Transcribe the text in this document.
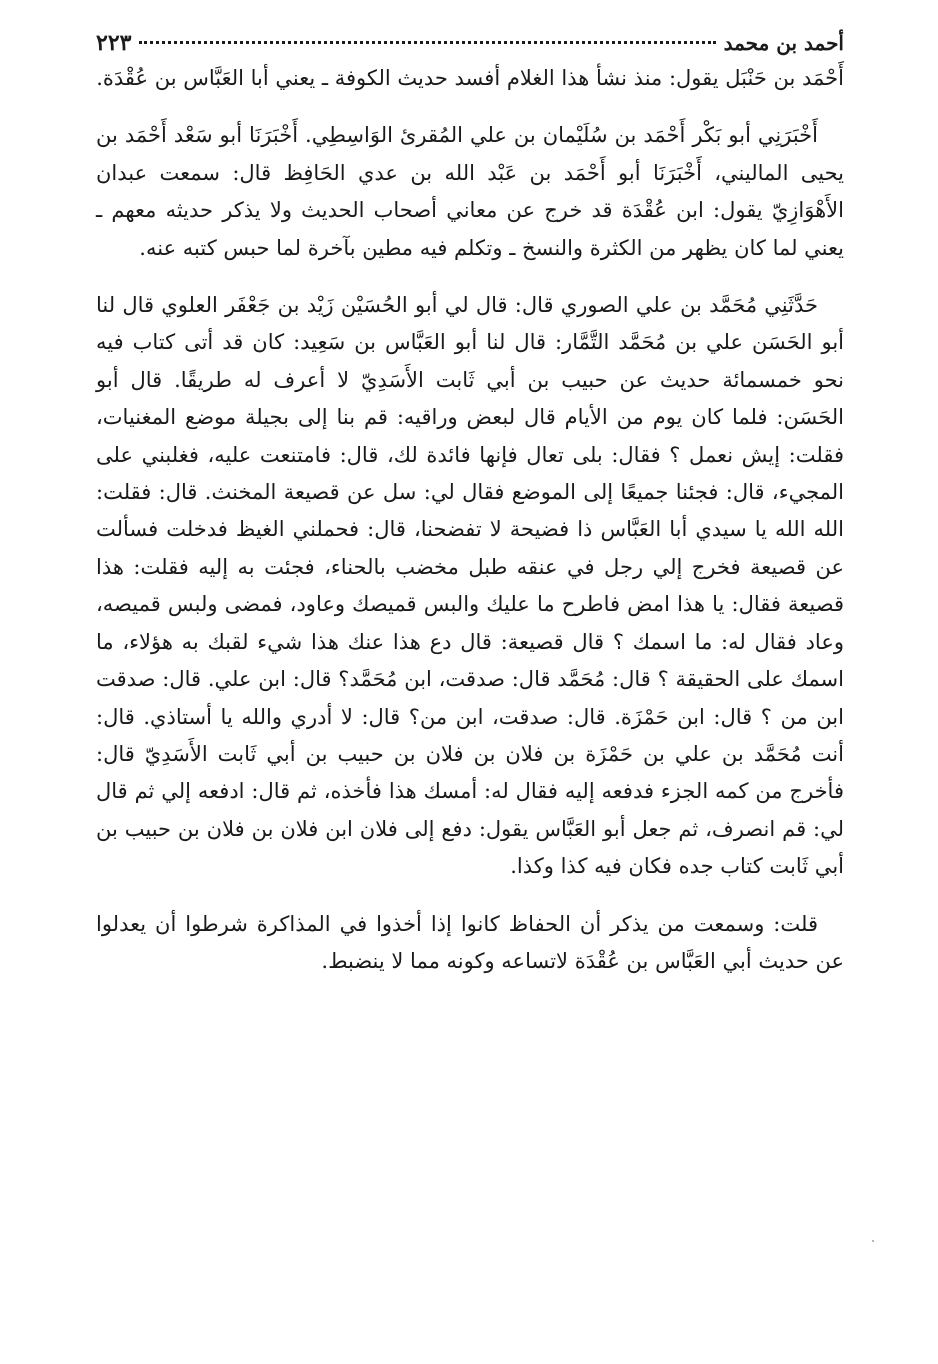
أحمد بن محمد
٢٢٣

أَحْمَد بن حَنْبَل يقول: منذ نشأ هذا الغلام أفسد حديث الكوفة ـ يعني أبا العَبَّاس بن عُقْدَة.

أَخْبَرَنِي أبو بَكْر أَحْمَد بن سُلَيْمان بن علي المُقرئ الوَاسِطِي. أَخْبَرَنَا أبو سَعْد أَحْمَد بن يحيى الماليني، أَخْبَرَنَا أبو أَحْمَد بن عَبْد الله بن عدي الحَافِظ قال: سمعت عبدان الأَهْوَازِيّ يقول: ابن عُقْدَة قد خرج عن معاني أصحاب الحديث ولا يذكر حديثه معهم ـ يعني لما كان يظهر من الكثرة والنسخ ـ وتكلم فيه مطين بآخرة لما حبس كتبه عنه.

حَدَّثَنِي مُحَمَّد بن علي الصوري قال: قال لي أبو الحُسَيْن زَيْد بن جَعْفَر العلوي قال لنا أبو الحَسَن علي بن مُحَمَّد التَّمَّار: قال لنا أبو العَبَّاس بن سَعِيد: كان قد أتى كتاب فيه نحو خمسمائة حديث عن حبيب بن أبي ثَابت الأَسَدِيّ لا أعرف له طريقًا. قال أبو الحَسَن: فلما كان يوم من الأيام قال لبعض وراقيه: قم بنا إلى بجيلة موضع المغنيات، فقلت: إيش نعمل ؟ فقال: بلى تعال فإنها فائدة لك، قال: فامتنعت عليه، فغلبني على المجيء، قال: فجئنا جميعًا إلى الموضع فقال لي: سل عن قصيعة المخنث. قال: فقلت: الله الله يا سيدي أبا العَبَّاس ذا فضيحة لا تفضحنا، قال: فحملني الغيظ فدخلت فسألت عن قصيعة فخرج إلي رجل في عنقه طبل مخضب بالحناء، فجئت به إليه فقلت: هذا قصيعة فقال: يا هذا امض فاطرح ما عليك والبس قميصك وعاود، فمضى ولبس قميصه، وعاد فقال له: ما اسمك ؟ قال قصيعة: قال دع هذا عنك هذا شيء لقبك به هؤلاء، ما اسمك على الحقيقة ؟ قال: مُحَمَّد قال: صدقت، ابن مُحَمَّد؟ قال: ابن علي. قال: صدقت ابن من ؟ قال: ابن حَمْزَة. قال: صدقت، ابن من؟ قال: لا أدري والله يا أستاذي. قال: أنت مُحَمَّد بن علي بن حَمْزَة بن فلان بن فلان بن حبيب بن أبي ثَابت الأَسَدِيّ قال: فأخرج من كمه الجزء فدفعه إليه فقال له: أمسك هذا فأخذه، ثم قال: ادفعه إلي ثم قال لي: قم انصرف، ثم جعل أبو العَبَّاس يقول: دفع إلى فلان ابن فلان بن فلان بن حبيب بن أبي ثَابت كتاب جده فكان فيه كذا وكذا.

قلت: وسمعت من يذكر أن الحفاظ كانوا إذا أخذوا في المذاكرة شرطوا أن يعدلوا عن حديث أبي العَبَّاس بن عُقْدَة لاتساعه وكونه مما لا ينضبط.
